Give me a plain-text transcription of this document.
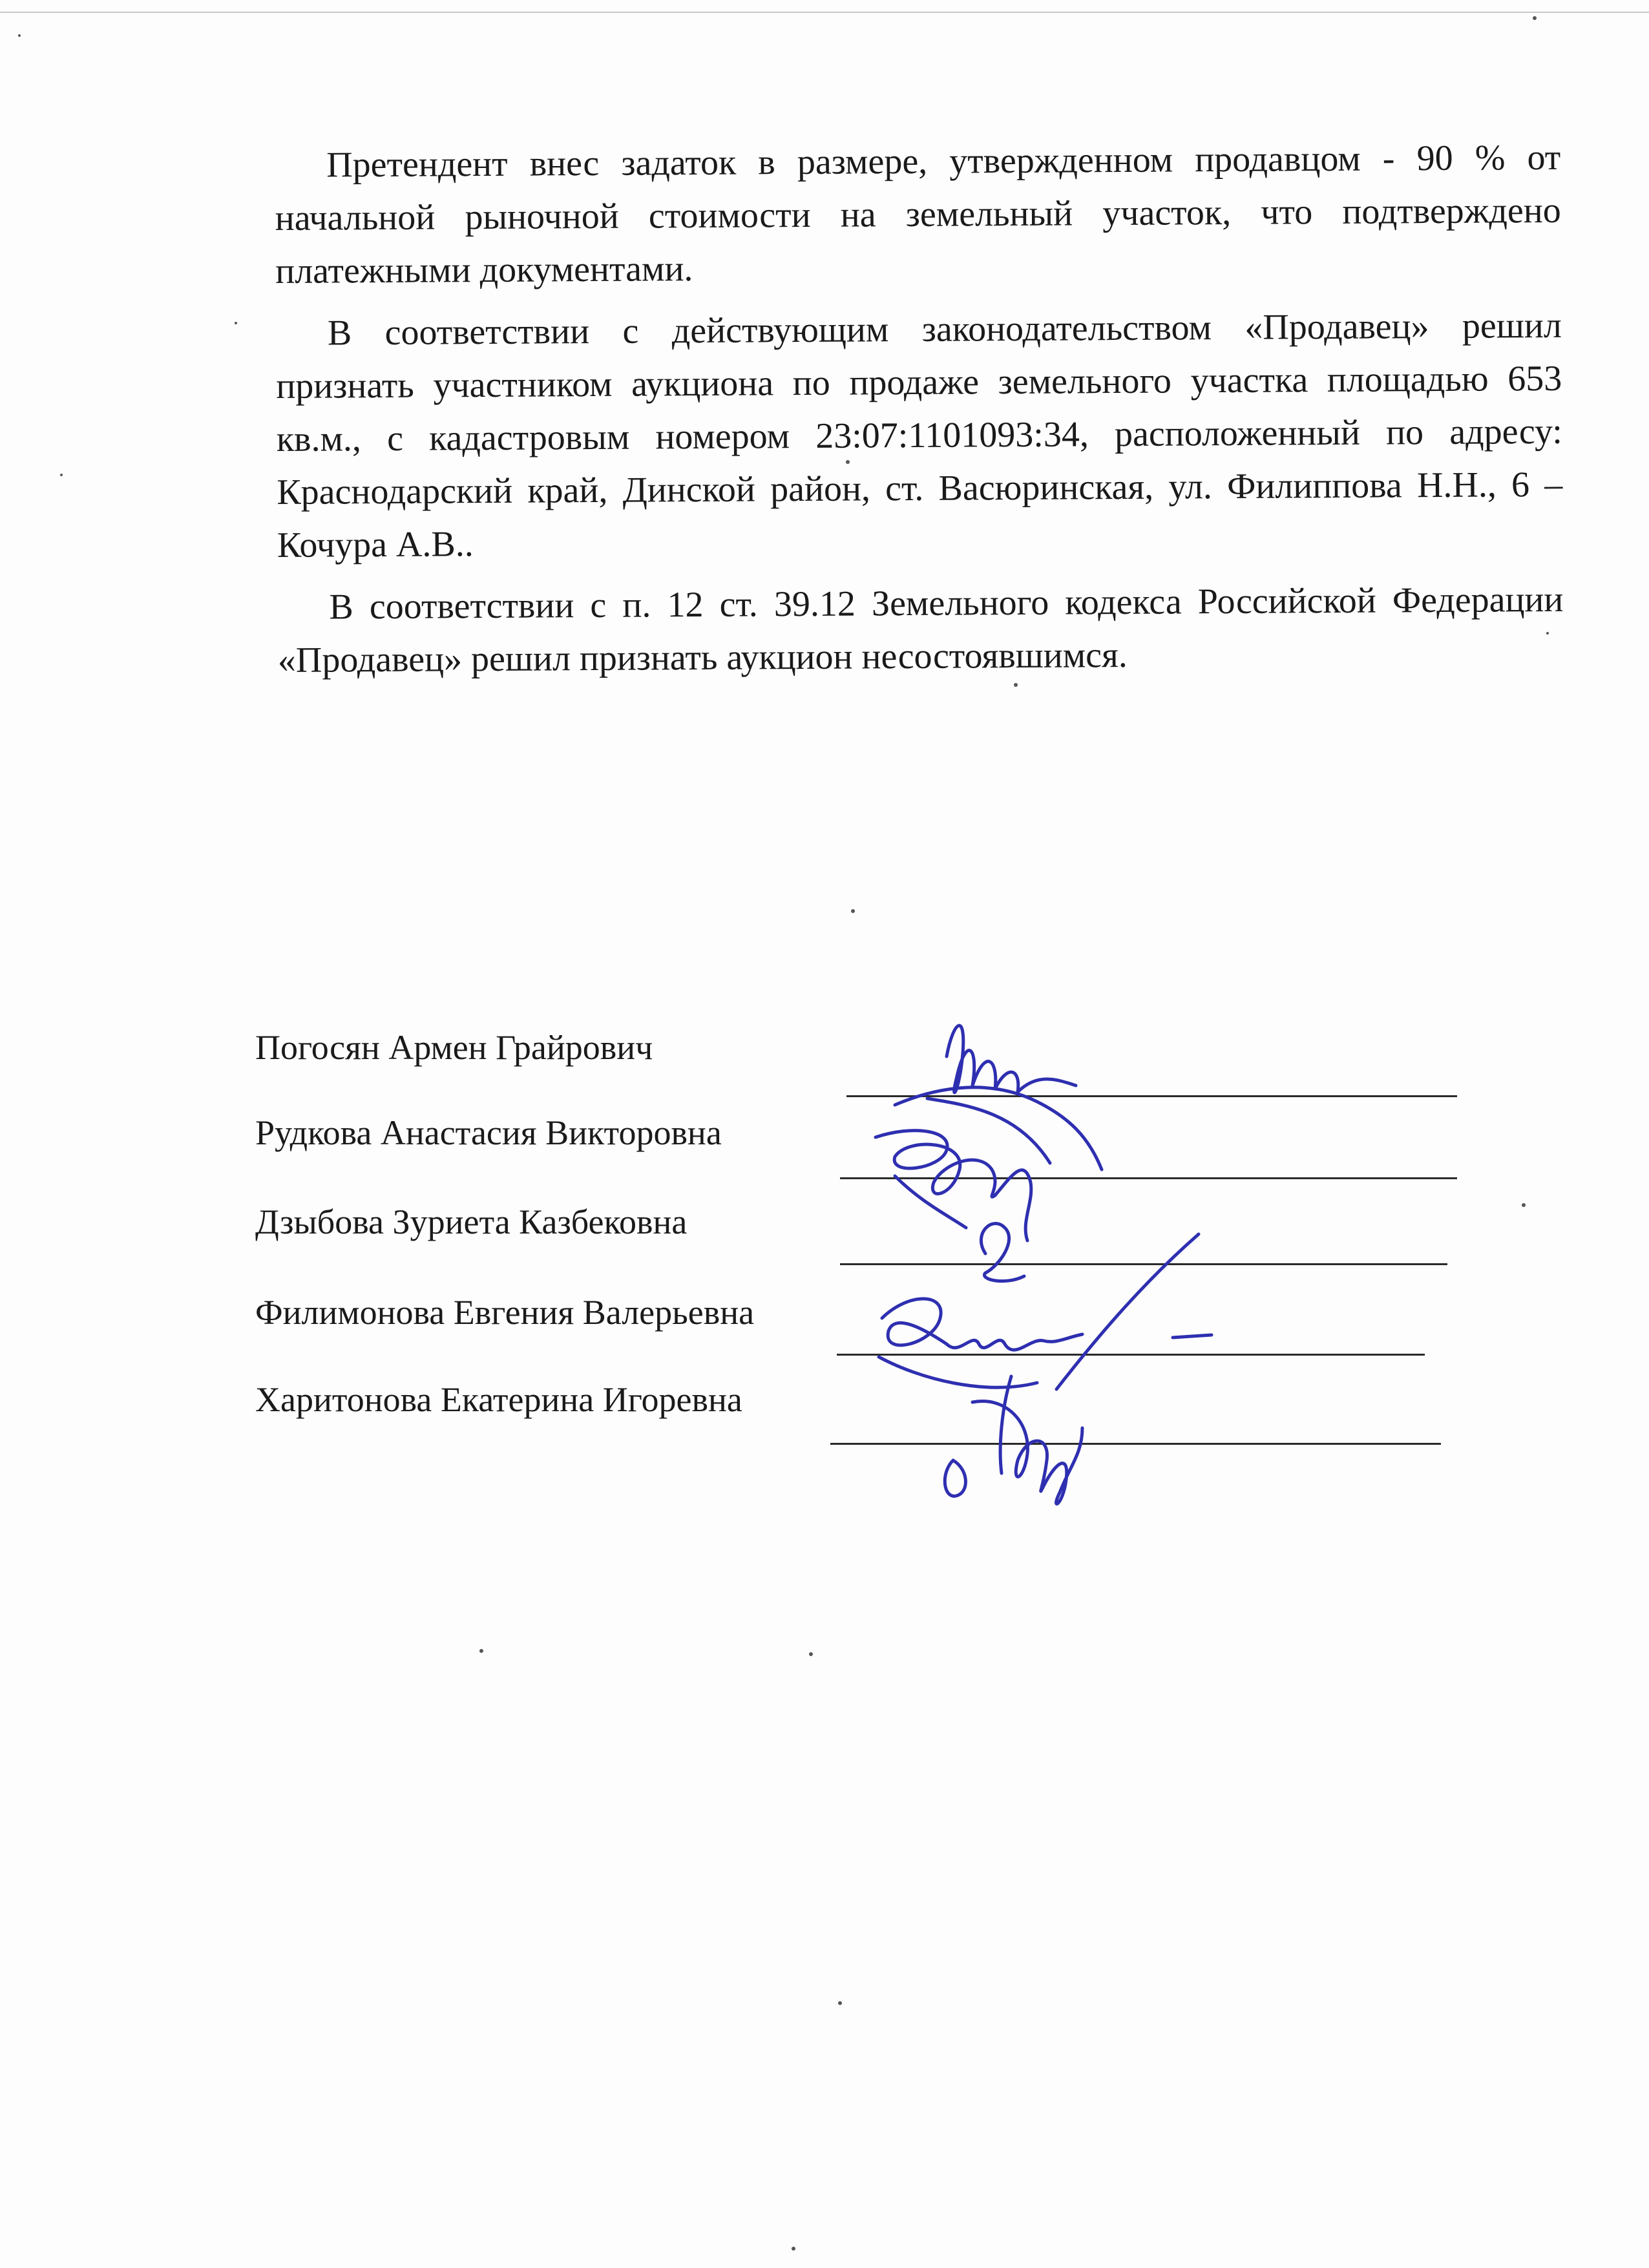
Претендент внес задаток в размере, утвержденном продавцом - 90 % от начальной рыночной стоимости на земельный участок, что подтверждено платежными документами.

В соответствии с действующим законодательством «Продавец» решил признать участником аукциона по продаже земельного участка площадью 653 кв.м., с кадастровым номером 23:07:1101093:34, расположенный по адресу: Краснодарский край, Динской район, ст. Васюринская, ул. Филиппова Н.Н., 6 – Кочура А.В..

В соответствии с п. 12 ст. 39.12 Земельного кодекса Российской Федерации «Продавец» решил признать аукцион несостоявшимся.

Погосян Армен Грайрович
Рудкова Анастасия Викторовна
Дзыбова Зуриета Казбековна
Филимонова Евгения Валерьевна
Харитонова Екатерина Игоревна
